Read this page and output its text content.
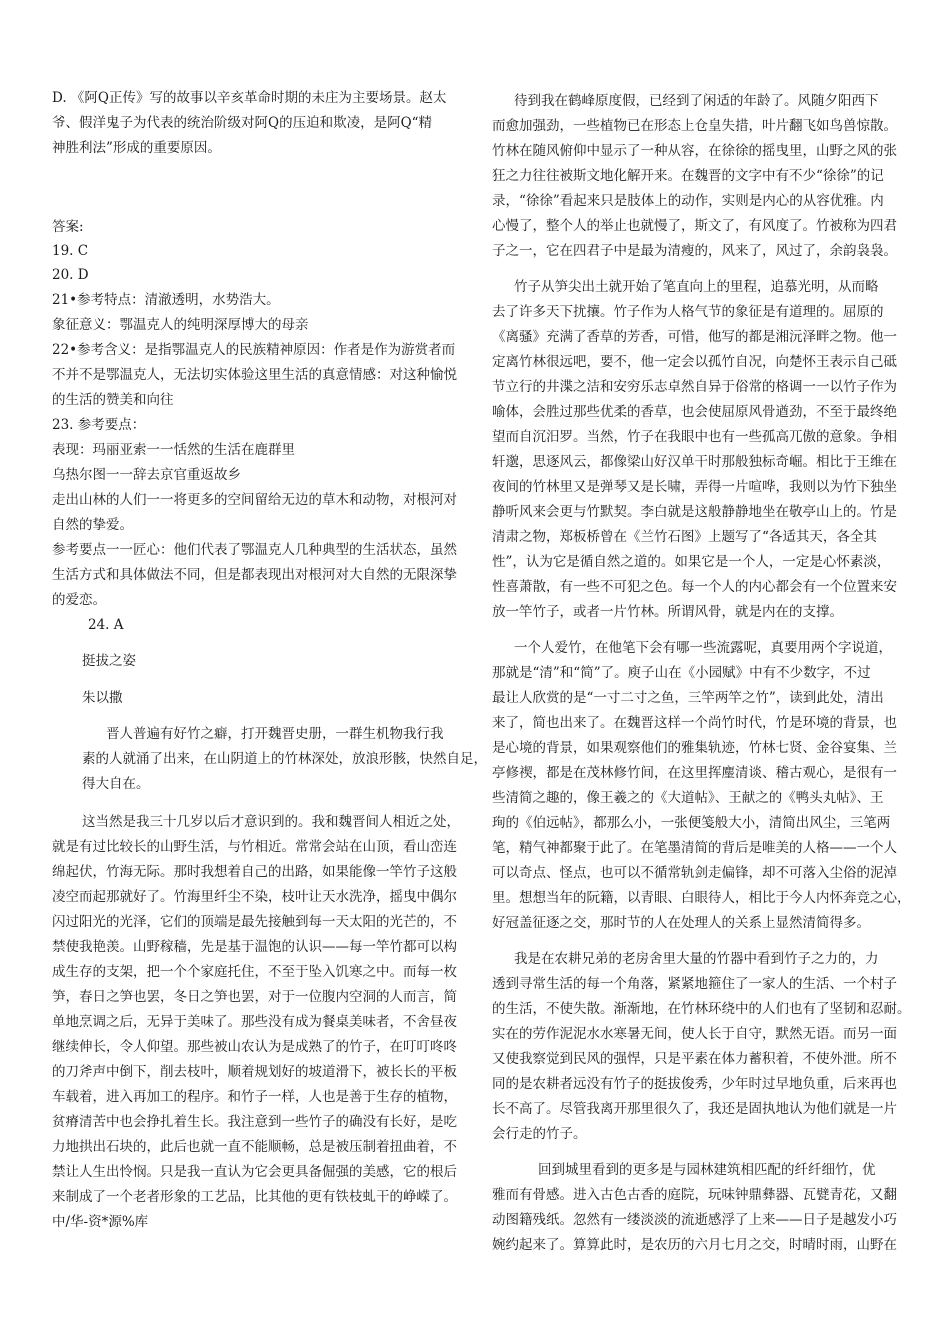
D. 《阿Q正传》写的故事以辛亥革命时期的未庄为主要场景。赵太
爷、假洋鬼子为代表的统治阶级对阿Q的压迫和欺凌，是阿Q“精
神胜利法”形成的重要原因。
答案:
19. C
20. D
21•参考特点：清澈透明，水势浩大。
象征意义：鄂温克人的纯明深厚博大的母亲
22•参考含义：是指鄂温克人的民族精神原因：作者是作为游赏者而
不并不是鄂温克人，无法切实体验这里生活的真意情感：对这种愉悦
的生活的赞美和向往
23. 参考要点：
表现：玛丽亚索一一恬然的生活在鹿群里
乌热尔图一一辞去京官重返故乡
走出山林的人们一一将更多的空间留给无边的草木和动物，对根河对
自然的挚爱。
参考要点一一匠心：他们代表了鄂温克人几种典型的生活状态，虽然
生活方式和具体做法不同，但是都表现出对根河对大自然的无限深挚
的爱恋。
24. A
挺拔之姿
朱以撒
晋人普遍有好竹之癖，打开魏晋史册，一群生机物我行我
素的人就涌了出来，在山阴道上的竹林深处，放浪形骸，快然自足，
得大自在。
这当然是我三十几岁以后才意识到的。我和魏晋间人相近之处，
就是有过比较长的山野生活，与竹相近。常常会站在山顶，看山峦连
绵起伏，竹海无际。那时我想着自己的出路，如果能像一竿竹子这般
凌空而起那就好了。竹海里纤尘不染，枝叶让天水洗净，摇曳中偶尔
闪过阳光的光泽，它们的顶端是最先接触到每一天太阳的光芒的，不
禁使我艳羡。山野稼穑，先是基于温饱的认识——每一竿竹都可以构
成生存的支架，把一个个家庭托住，不至于坠入饥寒之中。而每一枚
笋，春日之笋也罢，冬日之笋也罢，对于一位腹内空洞的人而言，简
单地烹调之后，无异于美味了。那些没有成为餐桌美味者，不舍昼夜
继续伸长，令人仰望。那些被山农认为是成熟了的竹子，在叮叮咚咚
的刀斧声中倒下，削去枝叶，顺着规划好的坡道滑下，被长长的平板
车载着，进入再加工的程序。和竹子一样，人也是善于生存的植物，
贫瘠清苦中也会挣扎着生长。我注意到一些竹子的确没有长好，是吃
力地拱出石块的，此后也就一直不能顺畅，总是被压制着扭曲着，不
禁让人生出怜悯。只是我一直认为它会更具备倔强的美感，它的根后
来制成了一个老者形象的工艺品，比其他的更有铁枝虬干的峥嵘了。
中/华-资*源%库
待到我在鹤峰原度假，已经到了闲适的年龄了。风随夕阳西下
而愈加强劲，一些植物已在形态上仓皇失措，叶片翻飞如鸟兽惊散。
竹林在随风俯仰中显示了一种从容，在徐徐的摇曳里，山野之风的张
狂之力往往被斯文地化解开来。在魏晋的文字中有不少“徐徐”的记
录，“徐徐”看起来只是肢体上的动作，实则是内心的从容优雅。内
心慢了，整个人的举止也就慢了，斯文了，有风度了。竹被称为四君
子之一，它在四君子中是最为清瘦的，风来了，风过了，余韵袅袅。
竹子从笋尖出土就开始了笔直向上的里程，追慕光明，从而略
去了许多天下扰攘。竹子作为人格气节的象征是有道理的。屈原的
《离骚》充满了香草的芳香，可惜，他写的都是湘沅泽畔之物。他一
定离竹林很远吧，要不，他一定会以孤竹自况，向楚怀王表示自己砥
节立行的井渫之洁和安穷乐志卓然自异于俗常的格调一一以竹子作为
喻体，会胜过那些优柔的香草，也会使屈原风骨遒劲，不至于最终绝
望而自沉汨罗。当然，竹子在我眼中也有一些孤高兀傲的意象。争相
轩邈，思逐风云，都像梁山好汉单干时那般独标奇崛。相比于王维在
夜间的竹林里又是弹琴又是长啸，弄得一片喧哗，我则以为竹下独坐
静听风来会更与竹默契。李白就是这般静静地坐在敬亭山上的。竹是
清肃之物，郑板桥曾在《兰竹石图》上题写了“各适其天，各全其
性”，认为它是循自然之道的。如果它是一个人，一定是心怀素淡，
性喜萧散，有一些不可犯之色。每一个人的内心都会有一个位置来安
放一竿竹子，或者一片竹林。所谓风骨，就是内在的支撑。
一个人爱竹，在他笔下会有哪一些流露呢，真要用两个字说道，
那就是“清”和“简”了。庾子山在《小园赋》中有不少数字，不过
最让人欣赏的是“一寸二寸之鱼，三竿两竿之竹”，读到此处，清出
来了，简也出来了。在魏晋这样一个尚竹时代，竹是环境的背景，也
是心境的背景，如果观察他们的雅集轨迹，竹林七贤、金谷宴集、兰
亭修禊，都是在茂林修竹间，在这里挥麈清谈、稽古观心，是很有一
些清简之趣的，像王羲之的《大道帖》、王献之的《鸭头丸帖》、王
珣的《伯远帖》，都那么小，一张便笺般大小，清简出风尘，三笔两
笔，精气神都聚于此了。在笔墨清简的背后是唯美的人格——一个人
可以奇点、怪点，也可以不循常轨剑走偏锋，却不可落入尘俗的泥淖
里。想想当年的阮籍，以青眼、白眼待人，相比于今人内怀奔竞之心，
好冠盖征逐之交，那时节的人在处理人的关系上显然清简得多。
我是在农耕兄弟的老房舍里大量的竹器中看到竹子之力的，力
透到寻常生活的每一个角落，紧紧地箍住了一家人的生活、一个村子
的生活，不使失散。渐渐地，在竹林环绕中的人们也有了坚韧和忍耐。
实在的劳作泥泥水水寒暑无间，使人长于自守，默然无语。而另一面
又使我察觉到民风的强悍，只是平素在体力蓄积着，不使外泄。所不
同的是农耕者远没有竹子的挺拔俊秀，少年时过早地负重，后来再也
长不高了。尽管我离开那里很久了，我还是固执地认为他们就是一片
会行走的竹子。
回到城里看到的更多是与园林建筑相匹配的纤纤细竹，优
雅而有骨感。进入古色古香的庭院，玩味钟鼎彝器、瓦甓青花，又翻
动图籍残纸。忽然有一缕淡淡的流逝感浮了上来——日子是越发小巧
婉约起来了。算算此时，是农历的六月七月之交，时晴时雨，山野在
